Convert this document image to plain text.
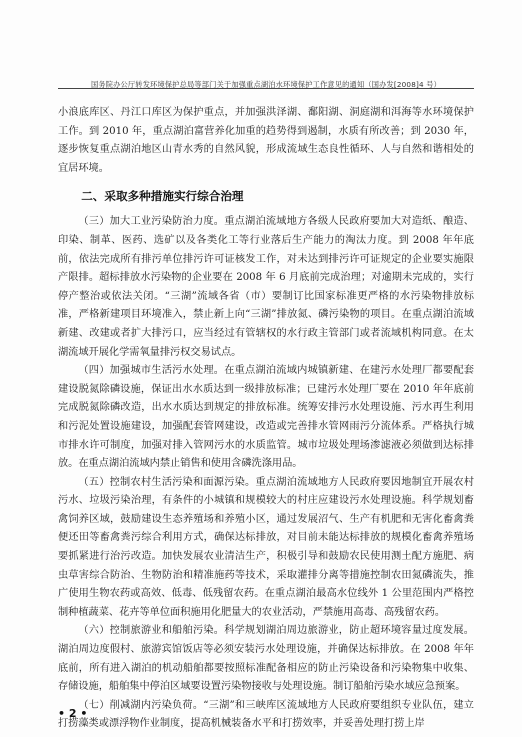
国务院办公厅转发环境保护总局等部门关于加强重点湖泊水环境保护工作意见的通知（国办发[2008]4 号）

小浪底库区、丹江口库区为保护重点，并加强洪泽湖、鄱阳湖、洞庭湖和洱海等水环境保护工作。到 2010 年，重点湖泊富营养化加重的趋势得到遏制，水质有所改善；到 2030 年，逐步恢复重点湖泊地区山青水秀的自然风貌，形成流域生态良性循环、人与自然和谐相处的宜居环境。

二、采取多种措施实行综合治理

（三）加大工业污染防治力度。重点湖泊流域地方各级人民政府要加大对造纸、酿造、印染、制革、医药、选矿以及各类化工等行业落后生产能力的淘汰力度。到 2008 年年底前，依法完成所有排污单位排污许可证核发工作，对未达到排污许可证规定的企业要实施限产限排。超标排放水污染物的企业要在 2008 年 6 月底前完成治理；对逾期未完成的，实行停产整治或依法关闭。“三湖”流域各省（市）要制订比国家标准更严格的水污染物排放标准，严格新建项目环境准入，禁止新上向“三湖”排放氮、磷污染物的项目。在重点湖泊流域新建、改建或者扩大排污口，应当经过有管辖权的水行政主管部门或者流域机构同意。在太湖流域开展化学需氧量排污权交易试点。

（四）加强城市生活污水处理。在重点湖泊流域内城镇新建、在建污水处理厂都要配套建设脱氮除磷设施，保证出水水质达到一级排放标准；已建污水处理厂要在 2010 年年底前完成脱氮除磷改造，出水水质达到规定的排放标准。统筹安排污水处理设施、污水再生利用和污泥处置设施建设，加强配套管网建设，改造或完善排水管网雨污分流体系。严格执行城市排水许可制度，加强对排入管网污水的水质监管。城市垃圾处理场渗滤液必须做到达标排放。在重点湖泊流域内禁止销售和使用含磷洗涤用品。

（五）控制农村生活污染和面源污染。重点湖泊流域地方人民政府要因地制宜开展农村污水、垃圾污染治理，有条件的小城镇和规模较大的村庄应建设污水处理设施。科学规划畜禽饲养区域，鼓励建设生态养殖场和养殖小区，通过发展沼气、生产有机肥和无害化畜禽粪便还田等畜禽粪污综合利用方式，确保达标排放，对目前未能达标排放的规模化畜禽养殖场要抓紧进行治污改造。加快发展农业清洁生产，积极引导和鼓励农民使用测土配方施肥、病虫草害综合防治、生物防治和精准施药等技术，采取灌排分离等措施控制农田氮磷流失，推广使用生物农药或高效、低毒、低残留农药。在重点湖泊最高水位线外 1 公里范围内严格控制种植蔬菜、花卉等单位面积施用化肥量大的农业活动，严禁施用高毒、高残留农药。

（六）控制旅游业和船舶污染。科学规划湖泊周边旅游业，防止超环境容量过度发展。湖泊周边度假村、旅游宾馆饭店等必须安装污水处理设施，并确保达标排放。在 2008 年年底前，所有进入湖泊的机动船舶都要按照标准配备相应的防止污染设备和污染物集中收集、存储设施，船舶集中停泊区域要设置污染物接收与处理设施。制订船舶污染水域应急预案。

（七）削减湖内污染负荷。“三湖”和三峡库区流域地方人民政府要组织专业队伍，建立打捞藻类或漂浮物作业制度，提高机械装备水平和打捞效率，并妥善处理打捞上岸

• 2 •
